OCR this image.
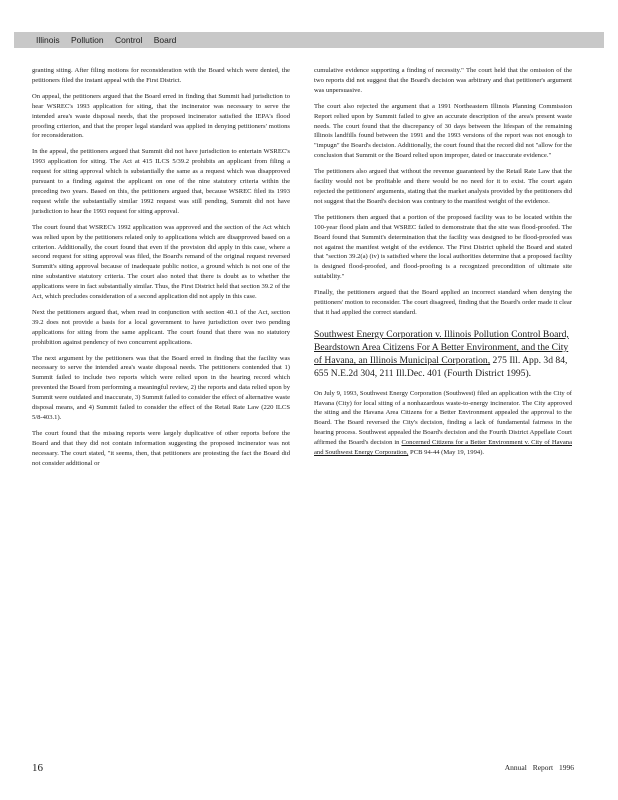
Illinois Pollution Control Board

granting siting. After filing motions for reconsideration with the Board which were denied, the petitioners filed the instant appeal with the First District.

On appeal, the petitioners argued that the Board erred in finding that Summit had jurisdiction to hear WSREC's 1993 application for siting, that the incinerator was necessary to serve the intended area's waste disposal needs, that the proposed incinerator satisfied the IEPA's flood proofing criterion, and that the proper legal standard was applied in denying petitioners' motions for reconsideration.

In the appeal, the petitioners argued that Summit did not have jurisdiction to entertain WSREC's 1993 application for siting. The Act at 415 ILCS 5/39.2 prohibits an applicant from filing a request for siting approval which is substantially the same as a request which was disapproved pursuant to a finding against the applicant on one of the nine statutory criteria within the preceding two years. Based on this, the petitioners argued that, because WSREC filed its 1993 request while the substantially similar 1992 request was still pending, Summit did not have jurisdiction to hear the 1993 request for siting approval.

The court found that WSREC's 1992 application was approved and the section of the Act which was relied upon by the petitioners related only to applications which are disapproved based on a criterion. Additionally, the court found that even if the provision did apply in this case, where a second request for siting approval was filed, the Board's remand of the original request reversed Summit's siting approval because of inadequate public notice, a ground which is not one of the nine substantive statutory criteria. The court also noted that there is doubt as to whether the applications were in fact substantially similar. Thus, the First District held that section 39.2 of the Act, which precludes consideration of a second application did not apply in this case.

Next the petitioners argued that, when read in conjunction with section 40.1 of the Act, section 39.2 does not provide a basis for a local government to have jurisdiction over two pending applications for siting from the same applicant. The court found that there was no statutory prohibition against pendency of two concurrent applications.

The next argument by the petitioners was that the Board erred in finding that the facility was necessary to serve the intended area's waste disposal needs. The petitioners contended that 1) Summit failed to include two reports which were relied upon in the hearing record which prevented the Board from performing a meaningful review, 2) the reports and data relied upon by Summit were outdated and inaccurate, 3) Summit failed to consider the effect of alternative waste disposal means, and 4) Summit failed to consider the effect of the Retail Rate Law (220 ILCS 5/8-403.1).

The court found that the missing reports were largely duplicative of other reports before the Board and that they did not contain information suggesting the proposed incinerator was not necessary. The court stated, "it seems, then, that petitioners are protesting the fact the Board did not consider additional or

cumulative evidence supporting a finding of necessity." The court held that the omission of the two reports did not suggest that the Board's decision was arbitrary and that petitioner's argument was unpersuasive.

The court also rejected the argument that a 1991 Northeastern Illinois Planning Commission Report relied upon by Summit failed to give an accurate description of the area's present waste needs. The court found that the discrepancy of 30 days between the lifespan of the remaining Illinois landfills found between the 1991 and the 1993 versions of the report was not enough to "impugn" the Board's decision. Additionally, the court found that the record did not "allow for the conclusion that Summit or the Board relied upon improper, dated or inaccurate evidence."

The petitioners also argued that without the revenue guaranteed by the Retail Rate Law that the facility would not be profitable and there would be no need for it to exist. The court again rejected the petitioners' arguments, stating that the market analysis provided by the petitioners did not suggest that the Board's decision was contrary to the manifest weight of the evidence.

The petitioners then argued that a portion of the proposed facility was to be located within the 100-year flood plain and that WSREC failed to demonstrate that the site was flood-proofed. The Board found that Summit's determination that the facility was designed to be flood-proofed was not against the manifest weight of the evidence. The First District upheld the Board and stated that "section 39.2(a) (iv) is satisfied where the local authorities determine that a proposed facility is designed flood-proofed, and flood-proofing is a recognized precondition of ultimate site suitability."

Finally, the petitioners argued that the Board applied an incorrect standard when denying the petitioners' motion to reconsider. The court disagreed, finding that the Board's order made it clear that it had applied the correct standard.

Southwest Energy Corporation v. Illinois Pollution Control Board, Beardstown Area Citizens For A Better Environment, and the City of Havana, an Illinois Municipal Corporation, 275 Ill. App. 3d 84, 655 N.E.2d 304, 211 Ill.Dec. 401 (Fourth District 1995).

On July 9, 1993, Southwest Energy Corporation (Southwest) filed an application with the City of Havana (City) for local siting of a nonhazardous waste-to-energy incinerator. The City approved the siting and the Havana Area Citizens for a Better Environment appealed the approval to the Board. The Board reversed the City's decision, finding a lack of fundamental fairness in the hearing process. Southwest appealed the Board's decision and the Fourth District Appellate Court affirmed the Board's decision in Concerned Citizens for a Better Environment v. City of Havana and Southwest Energy Corporation, PCB 94-44 (May 19, 1994).

16	Annual Report 1996
